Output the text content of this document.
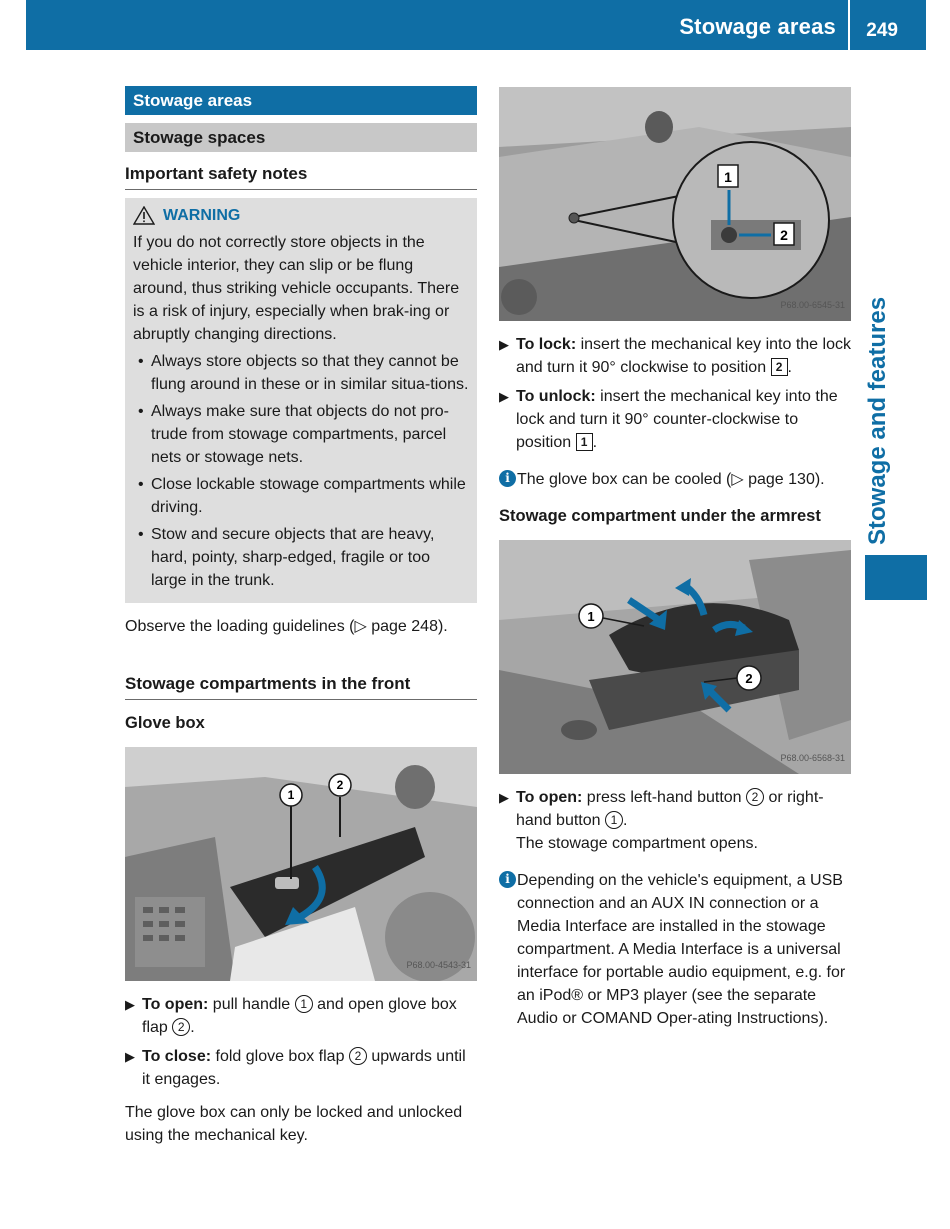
Stowage areas 249
Stowage and features
Stowage areas
Stowage spaces
Important safety notes
WARNING

If you do not correctly store objects in the vehicle interior, they can slip or be flung around, thus striking vehicle occupants. There is a risk of injury, especially when brak-ing or abruptly changing directions.

• Always store objects so that they cannot be flung around in these or in similar situa-tions.
• Always make sure that objects do not pro-trude from stowage compartments, parcel nets or stowage nets.
• Close lockable stowage compartments while driving.
• Stow and secure objects that are heavy, hard, pointy, sharp-edged, fragile or too large in the trunk.

Observe the loading guidelines (▷ page 248).

Stowage compartments in the front
Glove box
1
2
P68.00-4543-31
▶ To open: pull handle 1 and open glove box flap 2 .
▶ To close: fold glove box flap 2 upwards until it engages.

The glove box can only be locked and unlocked using the mechanical key.

1
2
P68.00-6545-31
▶ To lock: insert the mechanical key into the lock and turn it 90° clockwise to position 2 .
▶ To unlock: insert the mechanical key into the lock and turn it 90° counter-clockwise to position 1 .
i The glove box can be cooled (▷ page 130).
Stowage compartment under the armrest
1
2
P68.00-6568-31
▶ To open: press left-hand button 2 or right-hand button 1 .
The stowage compartment opens.
i Depending on the vehicle's equipment, a USB connection and an AUX IN connection or a Media Interface are installed in the stowage compartment. A Media Interface is a universal interface for portable audio equipment, e.g. for an iPod® or MP3 player (see the separate Audio or COMAND Oper-ating Instructions).
